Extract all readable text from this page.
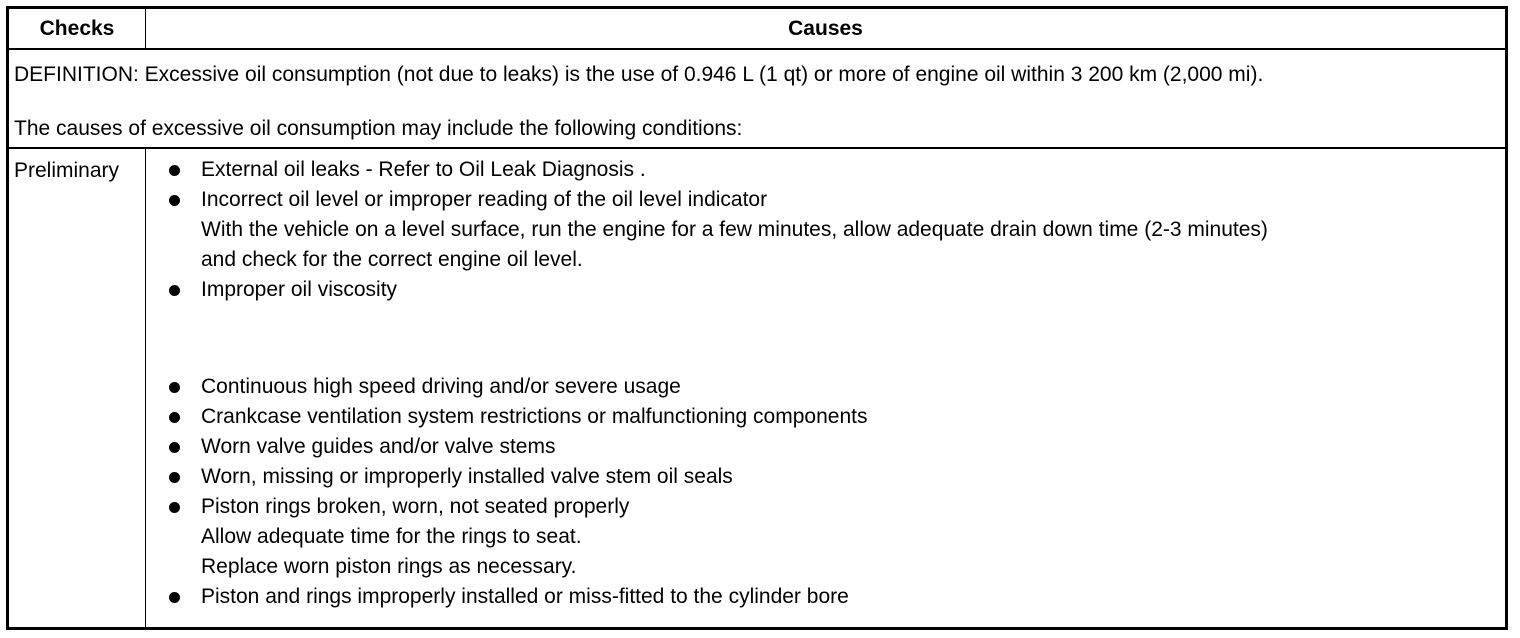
Checks	Causes
DEFINITION: Excessive oil consumption (not due to leaks) is the use of 0.946 L (1 qt) or more of engine oil within 3 200 km (2,000 mi).
The causes of excessive oil consumption may include the following conditions:
Preliminary	External oil leaks - Refer to Oil Leak Diagnosis .
Incorrect oil level or improper reading of the oil level indicator
With the vehicle on a level surface, run the engine for a few minutes, allow adequate drain down time (2-3 minutes)
and check for the correct engine oil level.
Improper oil viscosity
Continuous high speed driving and/or severe usage
Crankcase ventilation system restrictions or malfunctioning components
Worn valve guides and/or valve stems
Worn, missing or improperly installed valve stem oil seals
Piston rings broken, worn, not seated properly
Allow adequate time for the rings to seat.
Replace worn piston rings as necessary.
Piston and rings improperly installed or miss-fitted to the cylinder bore
